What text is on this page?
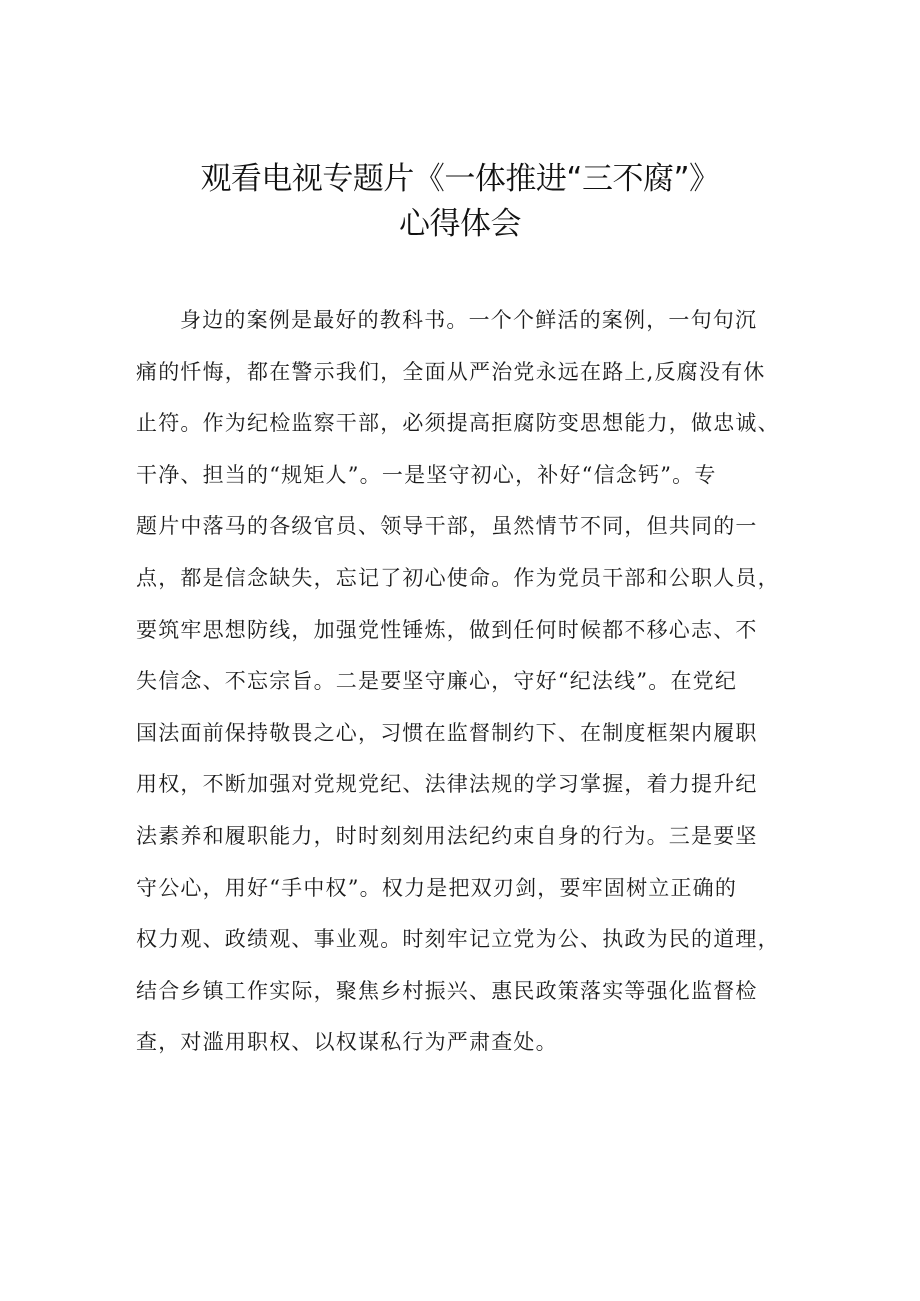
观看电视专题片《一体推进“三不腐”》
心得体会
身边的案例是最好的教科书。一个个鲜活的案例，一句句沉
痛的忏悔，都在警示我们，全面从严治党永远在路上,反腐没有休
止符。作为纪检监察干部，必须提高拒腐防变思想能力，做忠诚、
干净、担当的“规矩人”。一是坚守初心，补好“信念钙”。专
题片中落马的各级官员、领导干部，虽然情节不同，但共同的一
点，都是信念缺失，忘记了初心使命。作为党员干部和公职人员，
要筑牢思想防线，加强党性锤炼，做到任何时候都不移心志、不
失信念、不忘宗旨。二是要坚守廉心，守好“纪法线”。在党纪
国法面前保持敬畏之心，习惯在监督制约下、在制度框架内履职
用权，不断加强对党规党纪、法律法规的学习掌握，着力提升纪
法素养和履职能力，时时刻刻用法纪约束自身的行为。三是要坚
守公心，用好“手中权”。权力是把双刃剑，要牢固树立正确的
权力观、政绩观、事业观。时刻牢记立党为公、执政为民的道理，
结合乡镇工作实际，聚焦乡村振兴、惠民政策落实等强化监督检
查，对滥用职权、以权谋私行为严肃查处。
